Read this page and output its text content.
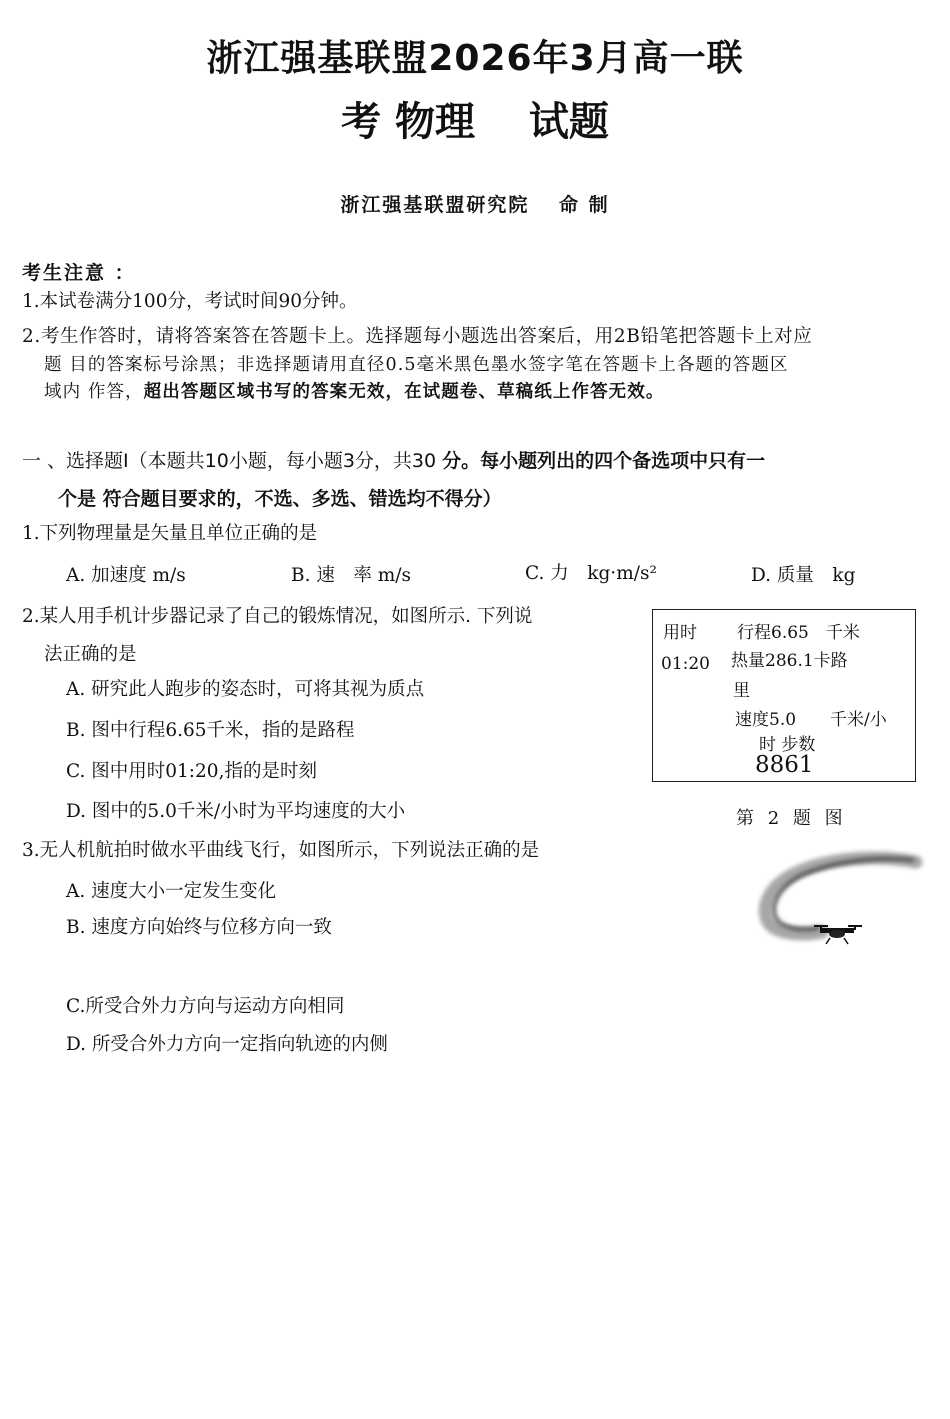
浙江强基联盟2026年3月高一联
考 物理　 试题
浙江强基联盟研究院　 命 制
考生注意 ：
1.本试卷满分100分，考试时间90分钟。
2.考生作答时，请将答案答在答题卡上。选择题每小题选出答案后，用2B铅笔把答题卡上对应
题 目的答案标号涂黑；非选择题请用直径0.5毫米黑色墨水签字笔在答题卡上各题的答题区
域内 作答，超出答题区域书写的答案无效，在试题卷、草稿纸上作答无效。
一 、选择题Ⅰ（本题共10小题，每小题3分，共30 分。每小题列出的四个备选项中只有一
个是 符合题目要求的，不选、多选、错选均不得分）
1.下列物理量是矢量且单位正确的是
A. 加速度 m/s	B. 速　率 m/s	C. 力　kg·m/s²	D. 质量　kg
2.某人用手机计步器记录了自己的锻炼情况，如图所示. 下列说
法正确的是
A. 研究此人跑步的姿态时，可将其视为质点
B. 图中行程6.65千米，指的是路程
C. 图中用时01:20,指的是时刻
D. 图中的5.0千米/小时为平均速度的大小
用时 行程6.65　千米
01:20 热量286.1卡路
里
速度5.0　　千米/小
时 步数
8861
第 2 题 图
3.无人机航拍时做水平曲线飞行，如图所示，下列说法正确的是
A. 速度大小一定发生变化
B. 速度方向始终与位移方向一致
C.所受合外力方向与运动方向相同
D. 所受合外力方向一定指向轨迹的内侧
